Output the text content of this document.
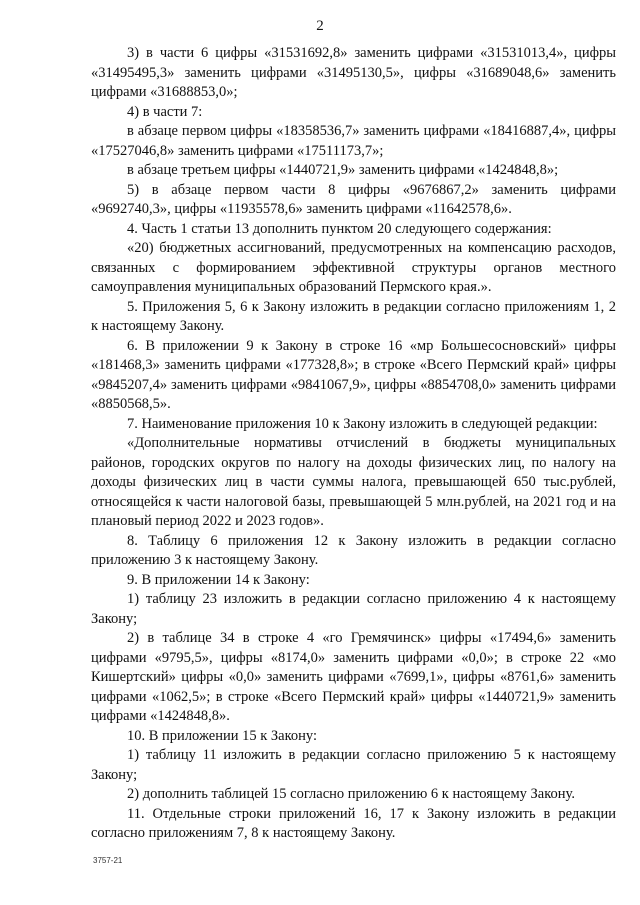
2

3) в части 6 цифры «31531692,8» заменить цифрами «31531013,4», цифры «31495495,3» заменить цифрами «31495130,5», цифры «31689048,6» заменить цифрами «31688853,0»;

4) в части 7:

в абзаце первом цифры «18358536,7» заменить цифрами «18416887,4», цифры «17527046,8» заменить цифрами «17511173,7»;

в абзаце третьем цифры «1440721,9» заменить цифрами «1424848,8»;

5) в абзаце первом части 8 цифры «9676867,2» заменить цифрами «9692740,3», цифры «11935578,6» заменить цифрами «11642578,6».

4. Часть 1 статьи 13 дополнить пунктом 20 следующего содержания:

«20) бюджетных ассигнований, предусмотренных на компенсацию расходов, связанных с формированием эффективной структуры органов местного самоуправления муниципальных образований Пермского края.».

5. Приложения 5, 6 к Закону изложить в редакции согласно приложениям 1, 2 к настоящему Закону.

6. В приложении 9 к Закону в строке 16 «мр Большесосновский» цифры «181468,3» заменить цифрами «177328,8»; в строке «Всего Пермский край» цифры «9845207,4» заменить цифрами «9841067,9», цифры «8854708,0» заменить цифрами «8850568,5».

7. Наименование приложения 10 к Закону изложить в следующей редакции:

«Дополнительные нормативы отчислений в бюджеты муниципальных районов, городских округов по налогу на доходы физических лиц, по налогу на доходы физических лиц в части суммы налога, превышающей 650 тыс.рублей, относящейся к части налоговой базы, превышающей 5 млн.рублей, на 2021 год и на плановый период 2022 и 2023 годов».

8. Таблицу 6 приложения 12 к Закону изложить в редакции согласно приложению 3 к настоящему Закону.

9. В приложении 14 к Закону:

1) таблицу 23 изложить в редакции согласно приложению 4 к настоящему Закону;

2) в таблице 34 в строке 4 «го Гремячинск» цифры «17494,6» заменить цифрами «9795,5», цифры «8174,0» заменить цифрами «0,0»; в строке 22 «мо Кишертский» цифры «0,0» заменить цифрами «7699,1», цифры «8761,6» заменить цифрами «1062,5»; в строке «Всего Пермский край» цифры «1440721,9» заменить цифрами «1424848,8».

10. В приложении 15 к Закону:

1) таблицу 11 изложить в редакции согласно приложению 5 к настоящему Закону;

2) дополнить таблицей 15 согласно приложению 6 к настоящему Закону.

11. Отдельные строки приложений 16, 17 к Закону изложить в редакции согласно приложениям 7, 8 к настоящему Закону.

3757-21
